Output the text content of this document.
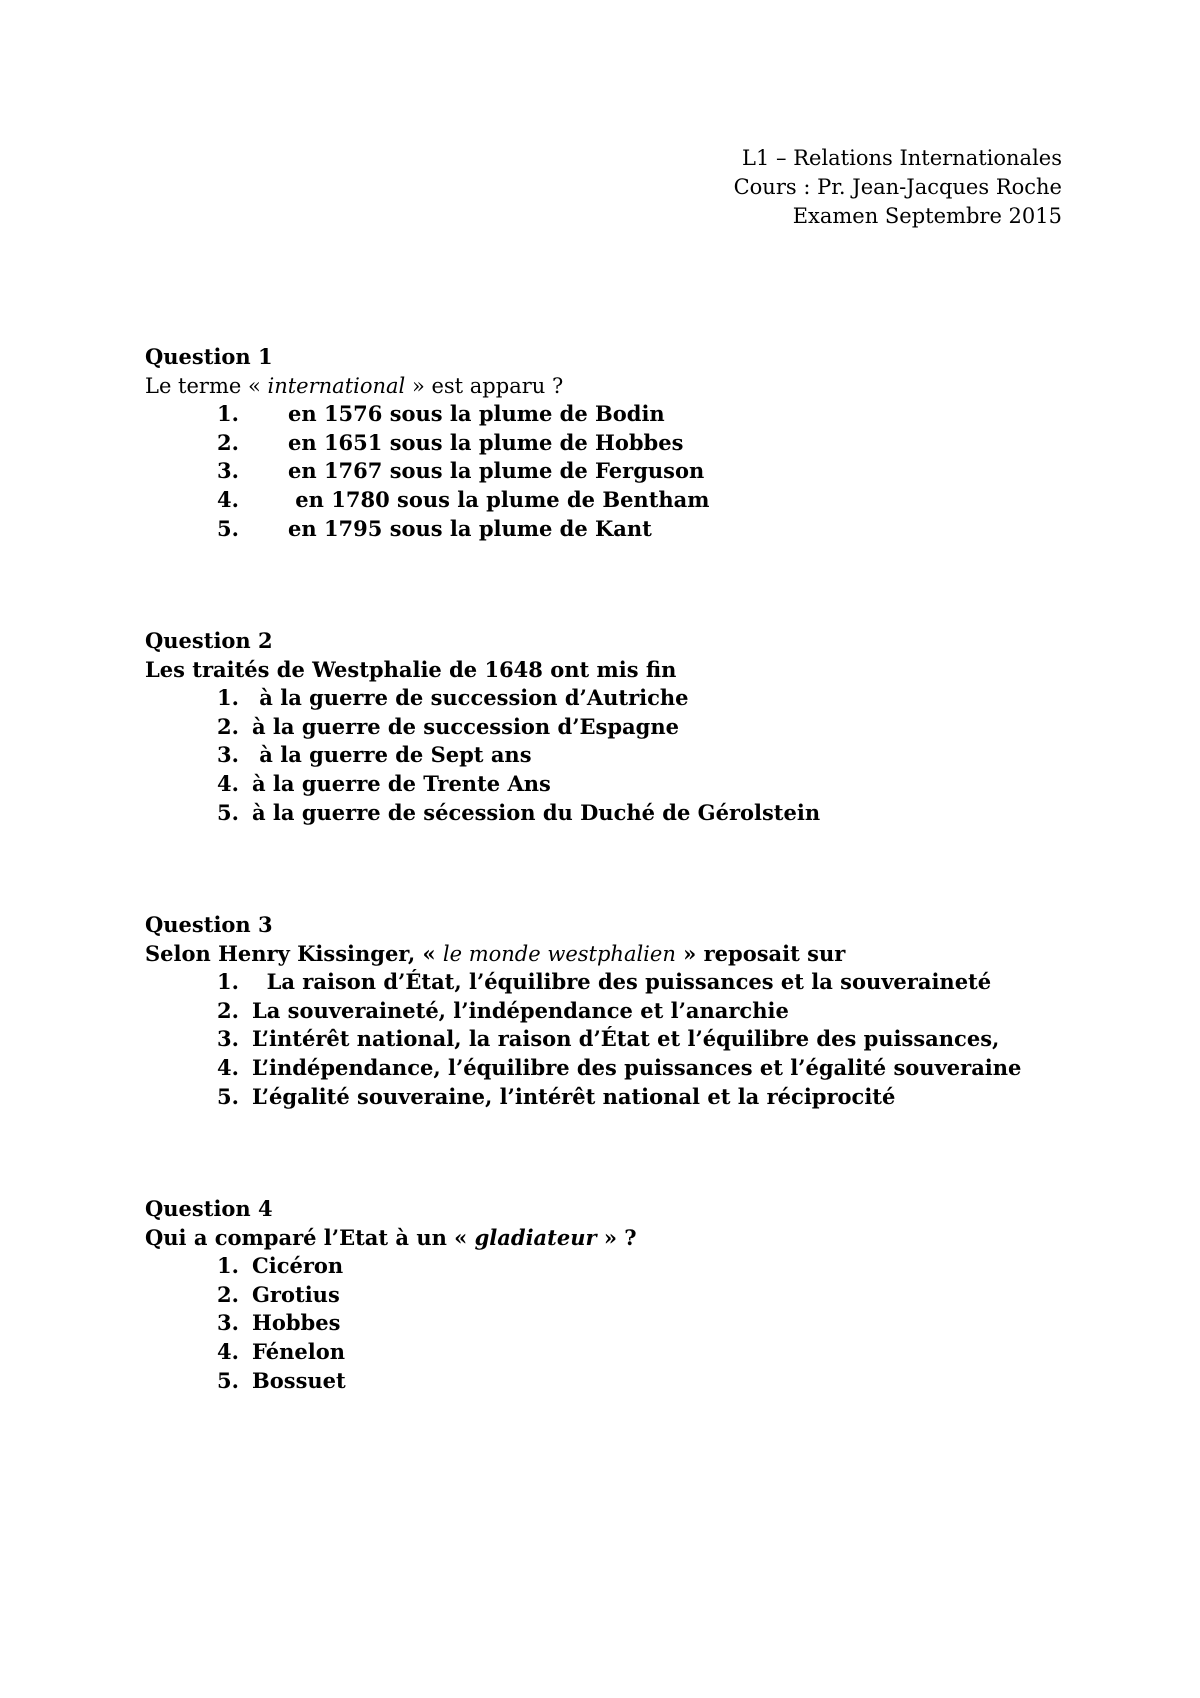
L1 – Relations Internationales
Cours : Pr. Jean-Jacques Roche
Examen Septembre 2015
Question 1
Le terme « international » est apparu ?
1. en 1576 sous la plume de Bodin
2. en 1651 sous la plume de Hobbes
3. en 1767 sous la plume de Ferguson
4. en 1780 sous la plume de Bentham
5. en 1795 sous la plume de Kant
Question 2
Les traités de Westphalie de 1648 ont mis fin
1. à la guerre de succession d’Autriche
2. à la guerre de succession d’Espagne
3. à la guerre de Sept ans
4. à la guerre de Trente Ans
5. à la guerre de sécession du Duché de Gérolstein
Question 3
Selon Henry Kissinger, « le monde westphalien » reposait sur
1. La raison d’État, l’équilibre des puissances et la souveraineté
2. La souveraineté, l’indépendance et l’anarchie
3. L’intérêt national, la raison d’État et l’équilibre des puissances,
4. L’indépendance, l’équilibre des puissances et l’égalité souveraine
5. L’égalité souveraine, l’intérêt national et la réciprocité
Question 4
Qui a comparé l’Etat à un « gladiateur » ?
1. Cicéron
2. Grotius
3. Hobbes
4. Fénelon
5. Bossuet
